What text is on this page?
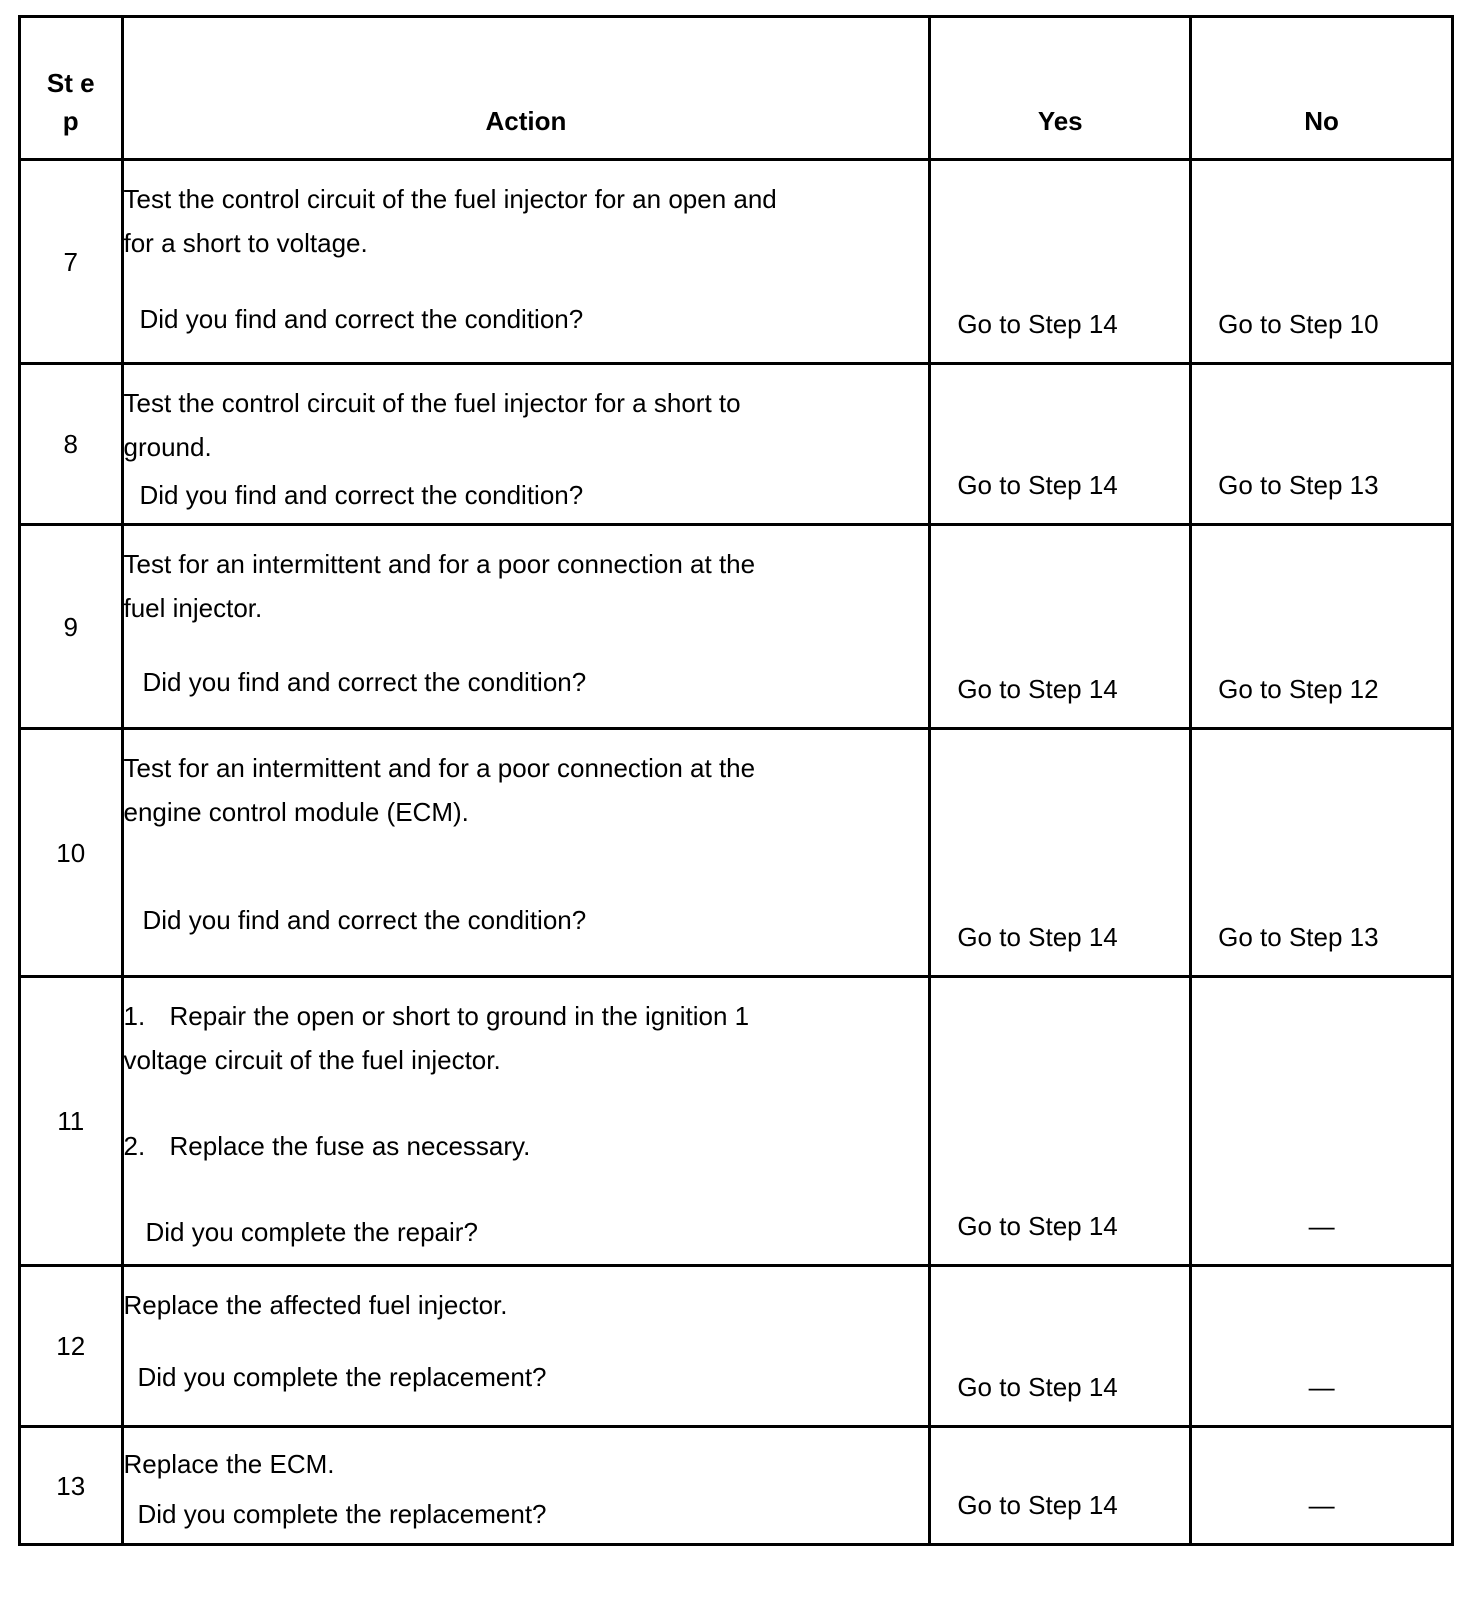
St ep	Action	Yes	No

7	Test the control circuit of the fuel injector for an open and
for a short to voltage.
Did you find and correct the condition?	Go to Step 14	Go to Step 10

8	Test the control circuit of the fuel injector for a short to
ground.
Did you find and correct the condition?	Go to Step 14	Go to Step 13

9	Test for an intermittent and for a poor connection at the
fuel injector.
Did you find and correct the condition?	Go to Step 14	Go to Step 12

10	Test for an intermittent and for a poor connection at the
engine control module (ECM).
Did you find and correct the condition?	Go to Step 14	Go to Step 13

11	1. Repair the open or short to ground in the ignition 1
voltage circuit of the fuel injector.
2. Replace the fuse as necessary.
Did you complete the repair?	Go to Step 14	—

12	Replace the affected fuel injector.
Did you complete the replacement?	Go to Step 14	—

13	Replace the ECM.
Did you complete the replacement?	Go to Step 14	—
